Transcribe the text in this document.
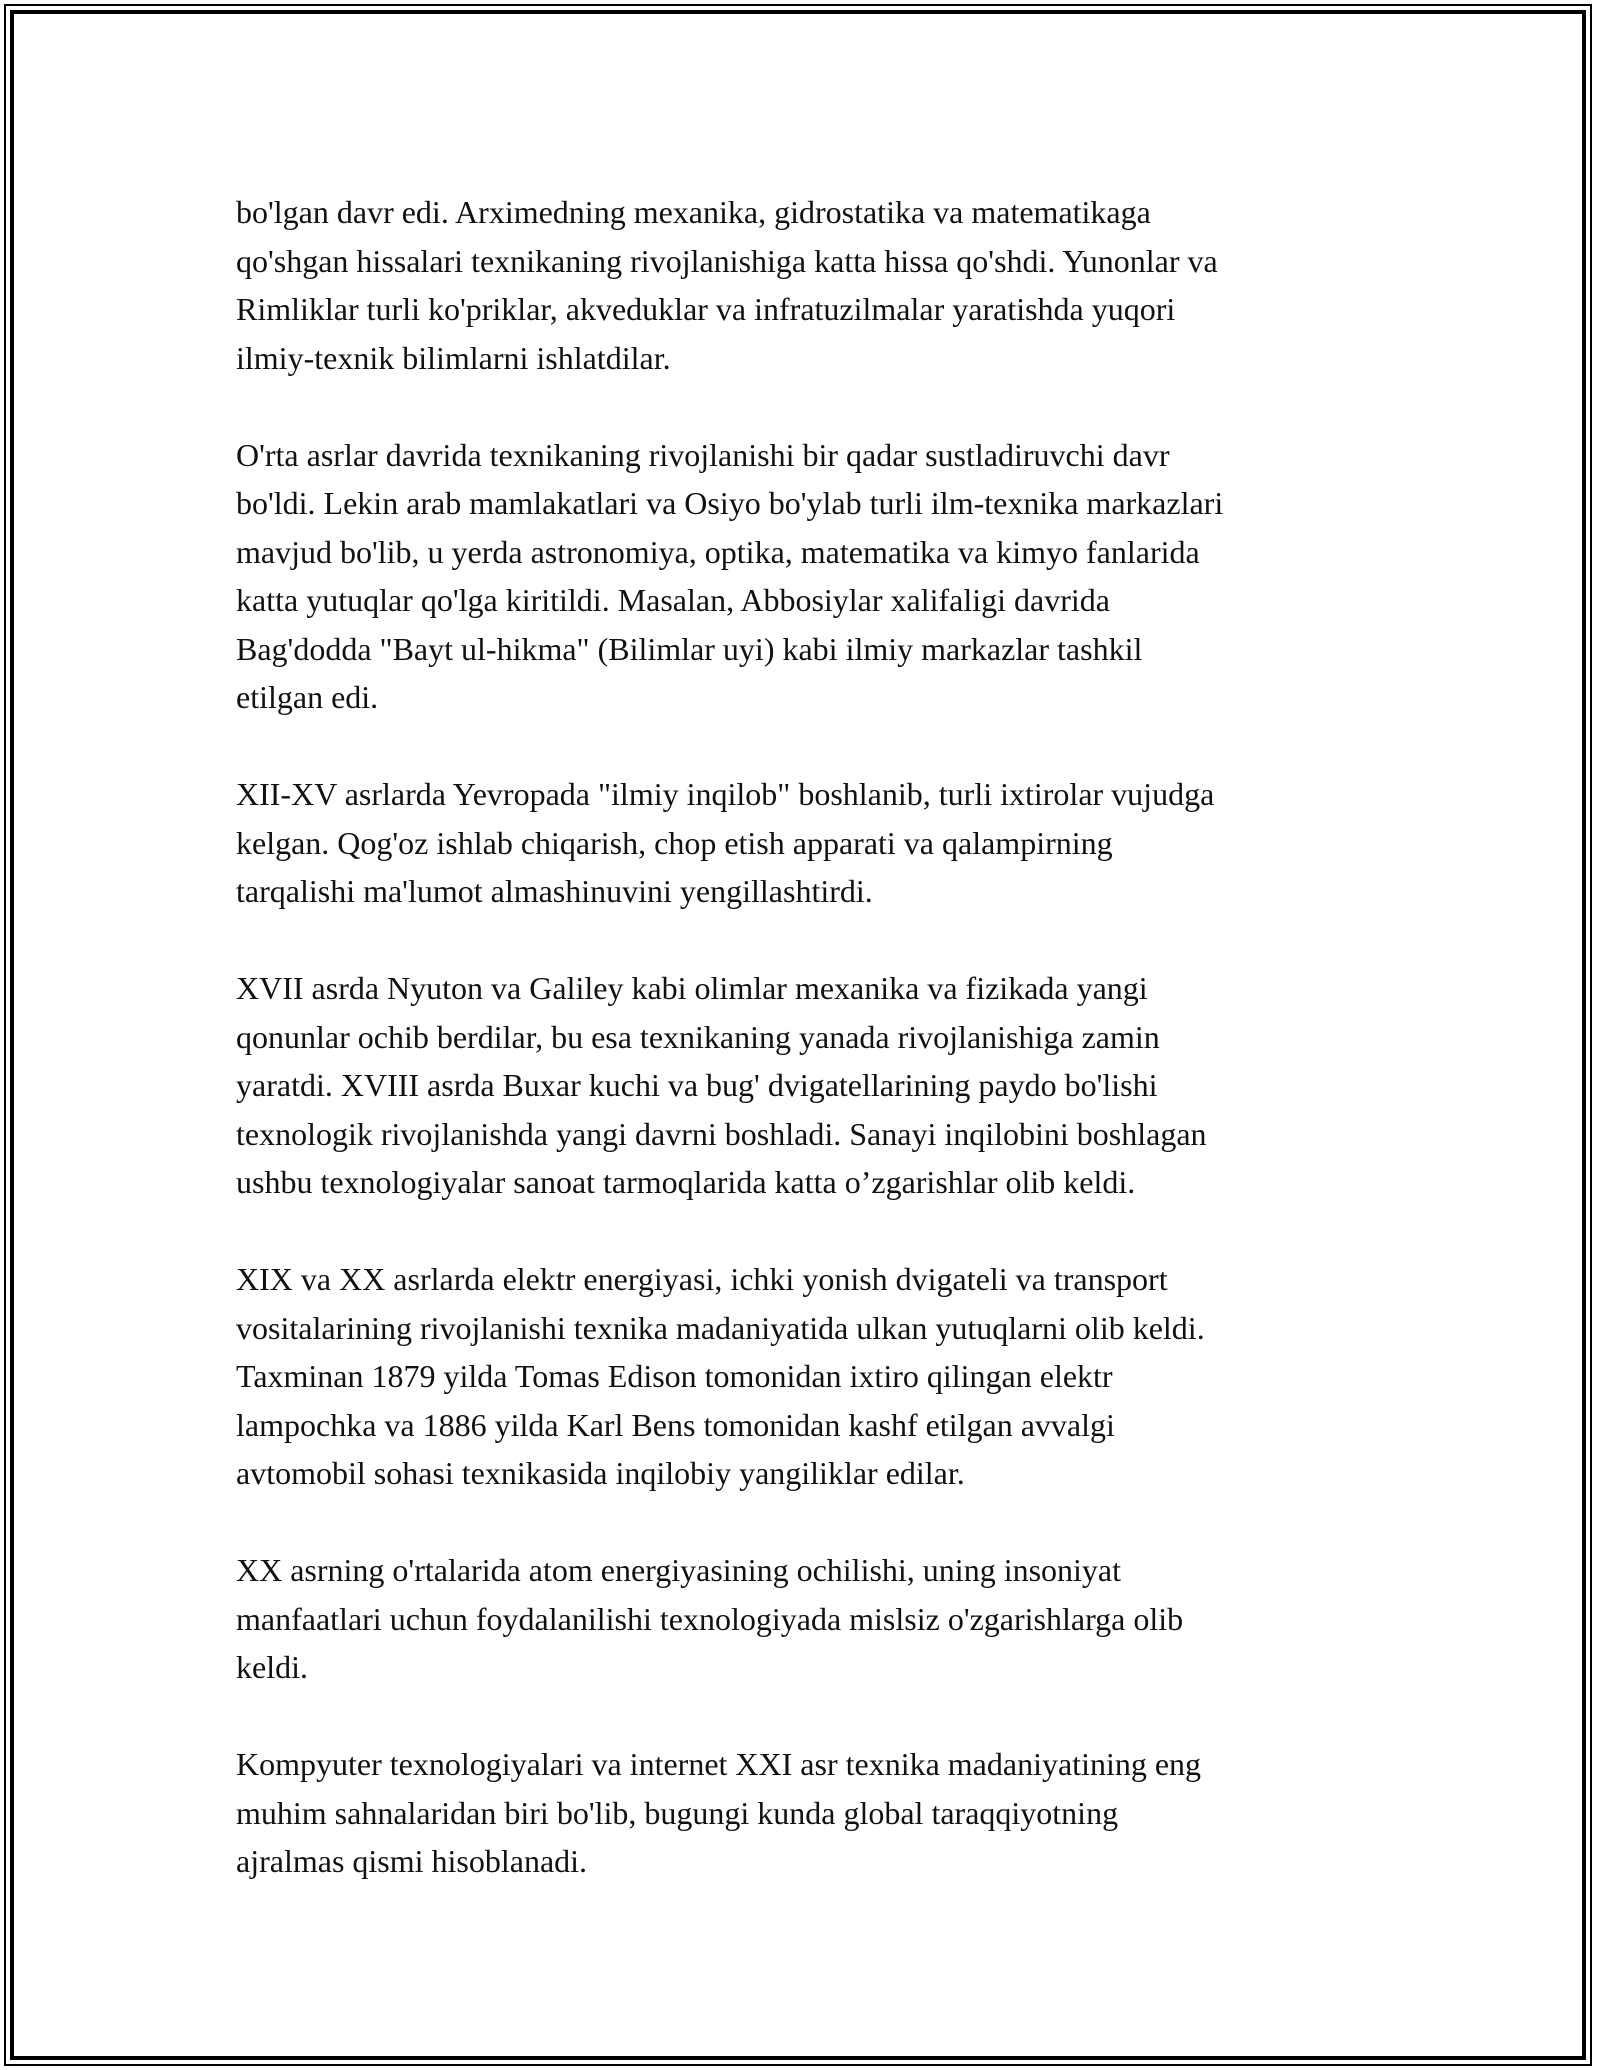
bo'lgan davr edi. Arximedning mexanika, gidrostatika va matematikaga
qo'shgan hissalari texnikaning rivojlanishiga katta hissa qo'shdi. Yunonlar va
Rimliklar turli ko'priklar, akveduklar va infratuzilmalar yaratishda yuqori
ilmiy-texnik bilimlarni ishlatdilar.

O'rta asrlar davrida texnikaning rivojlanishi bir qadar sustladiruvchi davr
bo'ldi. Lekin arab mamlakatlari va Osiyo bo'ylab turli ilm-texnika markazlari
mavjud bo'lib, u yerda astronomiya, optika, matematika va kimyo fanlarida
katta yutuqlar qo'lga kiritildi. Masalan, Abbosiylar xalifaligi davrida
Bag'dodda "Bayt ul-hikma" (Bilimlar uyi) kabi ilmiy markazlar tashkil
etilgan edi.

XII-XV asrlarda Yevropada "ilmiy inqilob" boshlanib, turli ixtirolar vujudga
kelgan. Qog'oz ishlab chiqarish, chop etish apparati va qalampirning
tarqalishi ma'lumot almashinuvini yengillashtirdi.

XVII asrda Nyuton va Galiley kabi olimlar mexanika va fizikada yangi
qonunlar ochib berdilar, bu esa texnikaning yanada rivojlanishiga zamin
yaratdi. XVIII asrda Buxar kuchi va bug' dvigatellarining paydo bo'lishi
texnologik rivojlanishda yangi davrni boshladi. Sanayi inqilobini boshlagan
ushbu texnologiyalar sanoat tarmoqlarida katta o’zgarishlar olib keldi.

XIX va XX asrlarda elektr energiyasi, ichki yonish dvigateli va transport
vositalarining rivojlanishi texnika madaniyatida ulkan yutuqlarni olib keldi.
Taxminan 1879 yilda Tomas Edison tomonidan ixtiro qilingan elektr
lampochka va 1886 yilda Karl Bens tomonidan kashf etilgan avvalgi
avtomobil sohasi texnikasida inqilobiy yangiliklar edilar.

XX asrning o'rtalarida atom energiyasining ochilishi, uning insoniyat
manfaatlari uchun foydalanilishi texnologiyada mislsiz o'zgarishlarga olib
keldi.

Kompyuter texnologiyalari va internet XXI asr texnika madaniyatining eng
muhim sahnalaridan biri bo'lib, bugungi kunda global taraqqiyotning
ajralmas qismi hisoblanadi.
